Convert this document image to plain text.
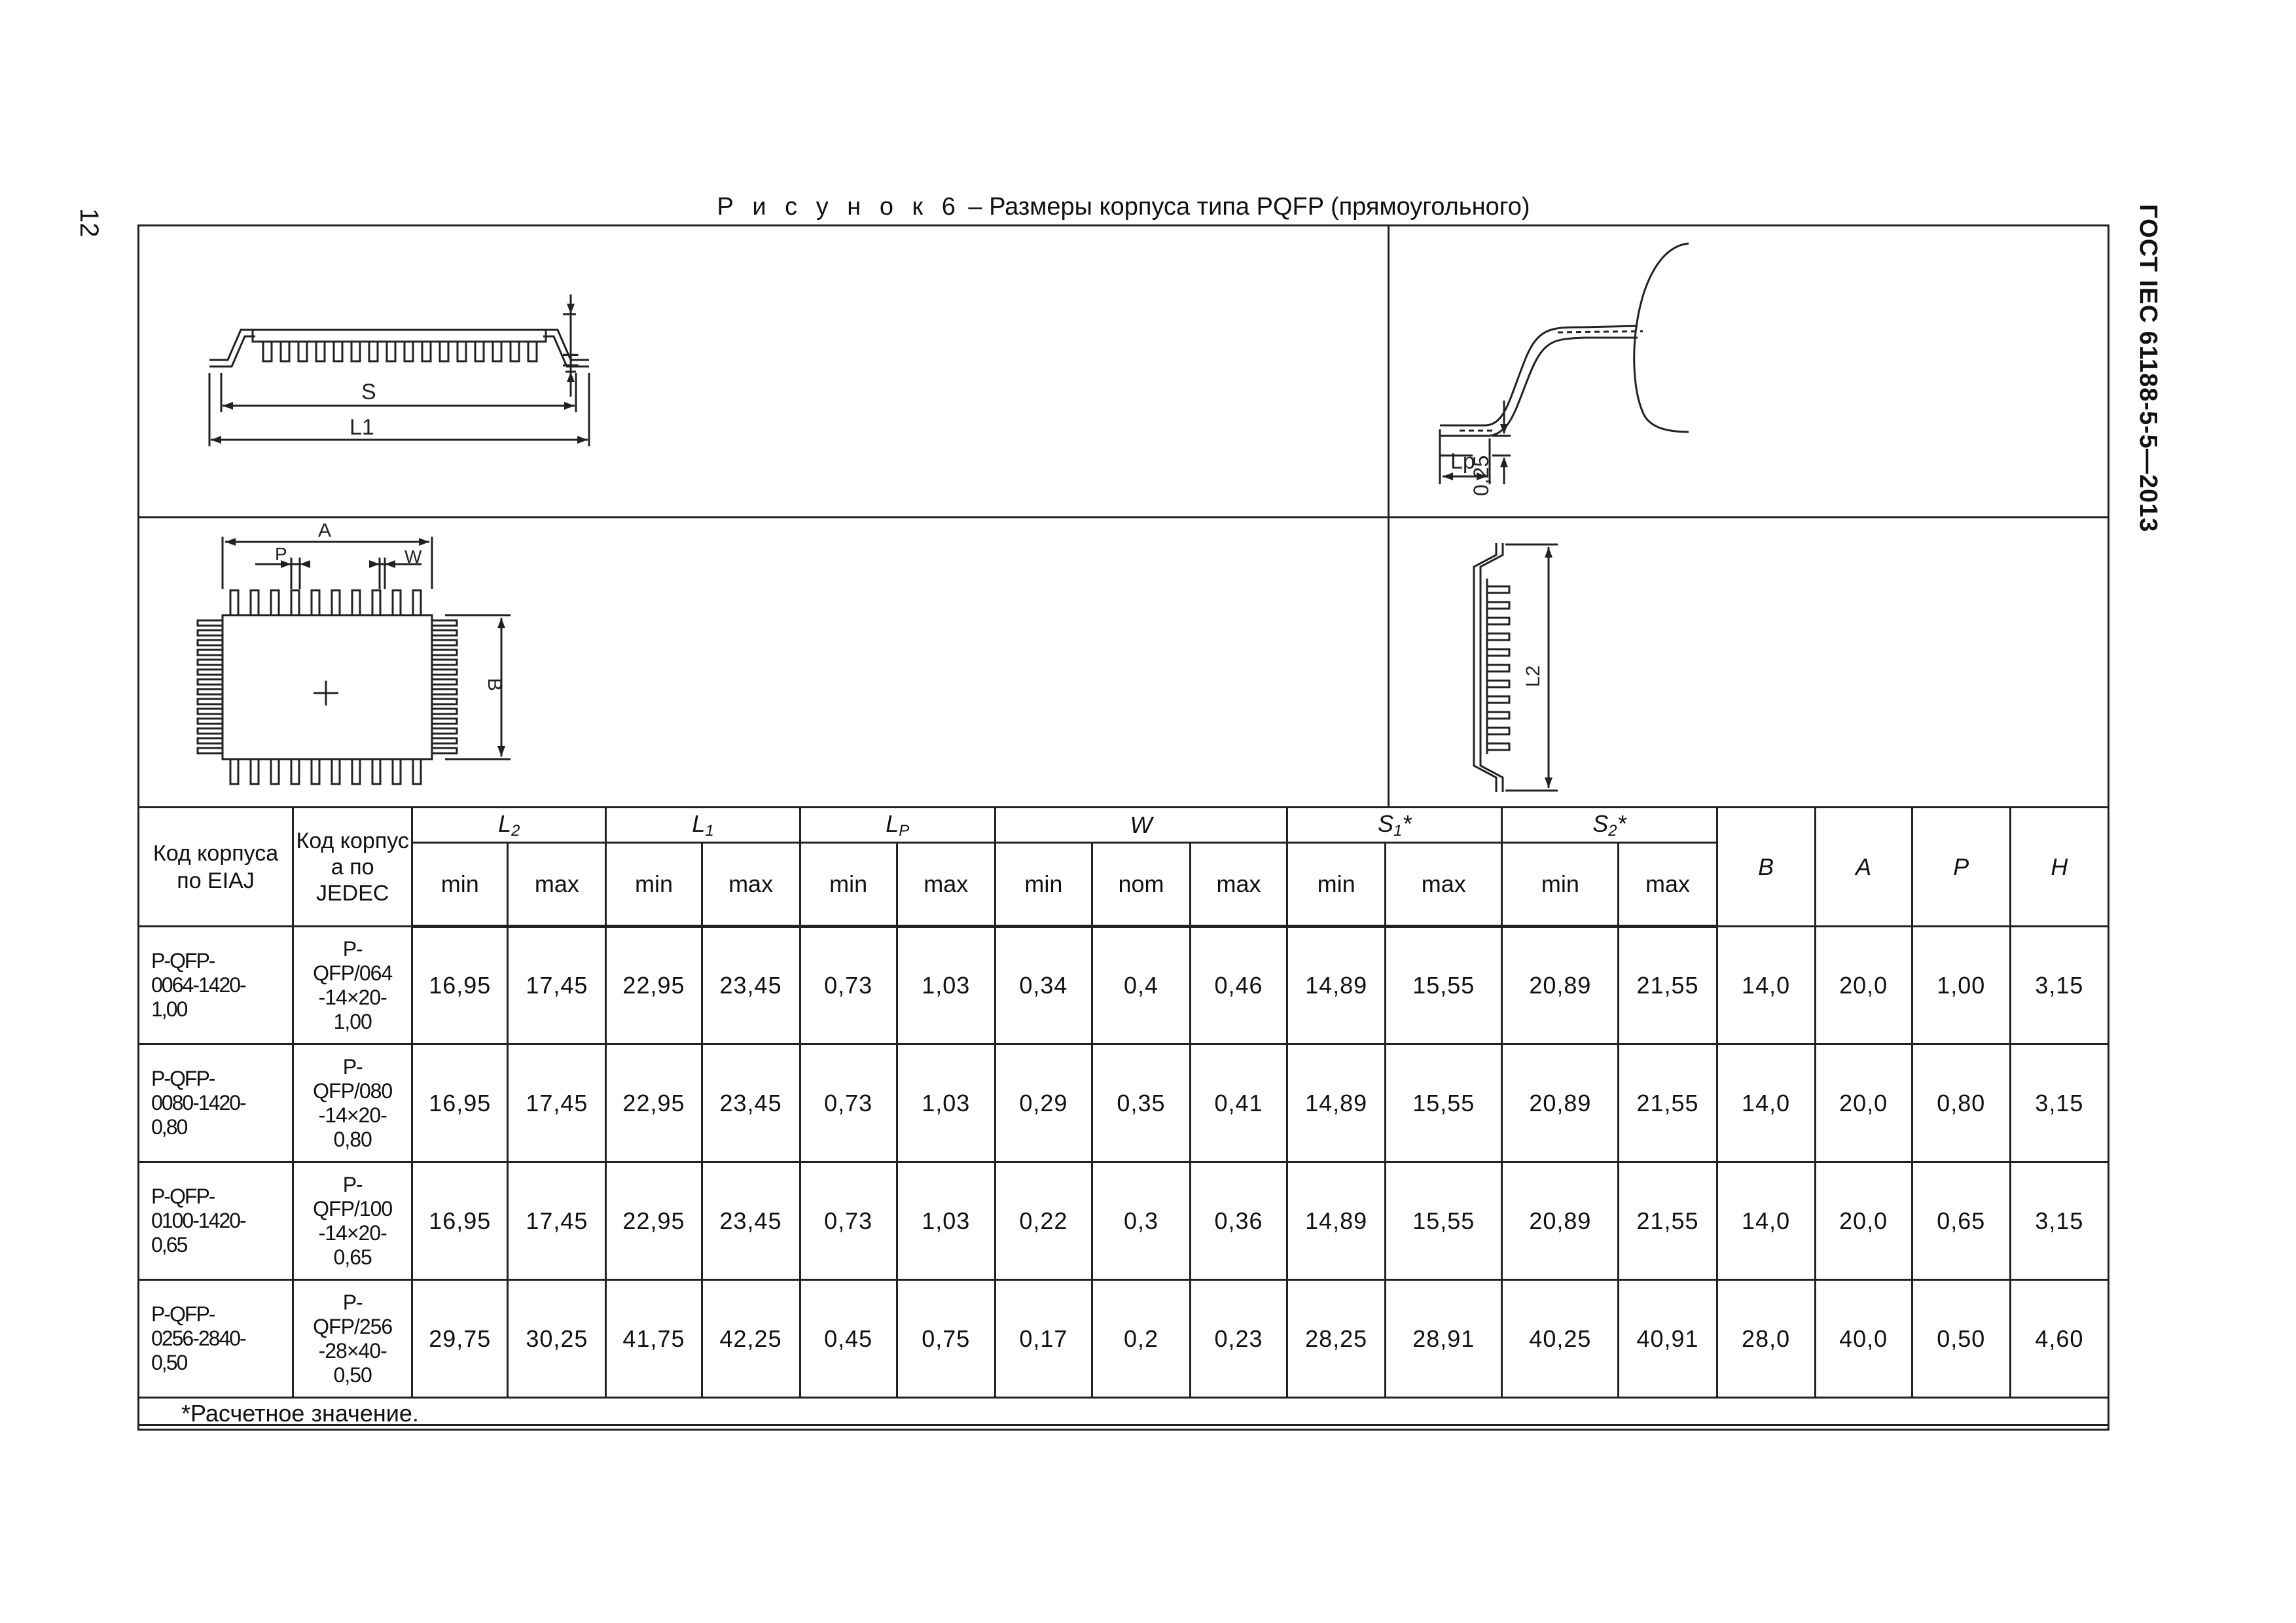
12	ГОСТ IEC 61188-5-5—2013
Р и с у н о к 6 – Размеры корпуса типа PQFP (прямоугольного)
S
L1
H
Lp
0,25
A
P	W
B	L2
Код корпуса по EIAJ	Код корпус а по JEDEC	$L_2$		$L_1$		$L_P$		W			$S_1*$		$S_2*$		B	A	P	H
		min	max	min	max	min	max	min	nom	max	min	max	min	max				
P-QFP-
0064-1420-
1,00	P-
QFP/064
-14×20-
1,00	16,95	17,45	22,95	23,45	0,73	1,03	0,34	0,4	0,46	14,89	15,55	20,89	21,55	14,0	20,0	1,00	3,15
P-QFP-
0080-1420-
0,80	P-
QFP/080
-14×20-
0,80	16,95	17,45	22,95	23,45	0,73	1,03	0,29	0,35	0,41	14,89	15,55	20,89	21,55	14,0	20,0	0,80	3,15
P-QFP-
0100-1420-
0,65	P-
QFP/100
-14×20-
0,65	16,95	17,45	22,95	23,45	0,73	1,03	0,22	0,3	0,36	14,89	15,55	20,89	21,55	14,0	20,0	0,65	3,15
P-QFP-
0256-2840-
0,50	P-
QFP/256
-28×40-
0,50	29,75	30,25	41,75	42,25	0,45	0,75	0,17	0,2	0,23	28,25	28,91	40,25	40,91	28,0	40,0	0,50	4,60
*Расчетное значение.																		
